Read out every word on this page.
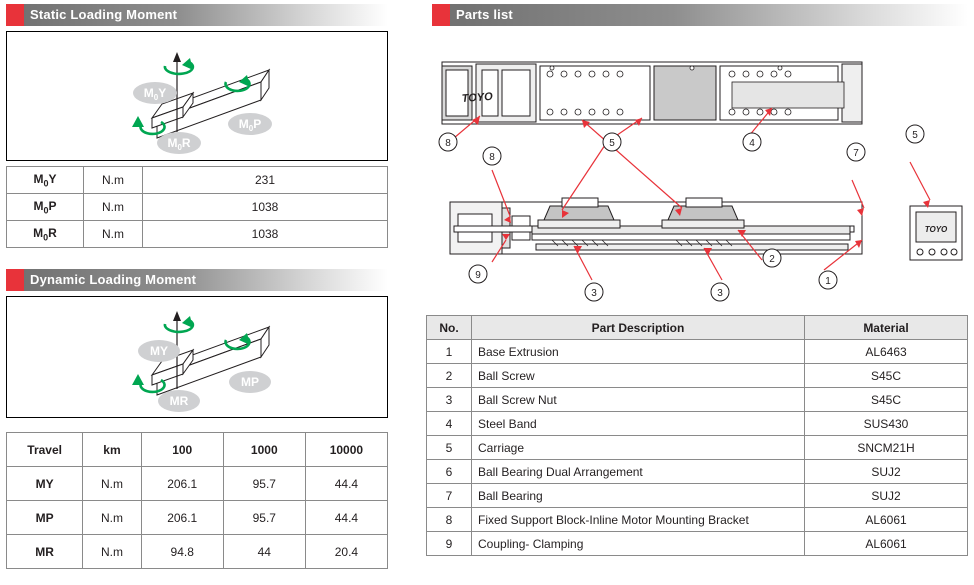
Static Loading Moment
$M_0Y$
$M_0P$
$M_0R$
$M_0Y$	N.m	231
$M_0P$	N.m	1038
$M_0R$	N.m	1038
Dynamic Loading Moment
MY
MP
MR
Travel	km	100	1000	10000
MY	N.m	206.1	95.7	44.4
MP	N.m	206.1	95.7	44.4
MR	N.m	94.8	44	20.4
Parts list
TOYO
TOYO
8
8
5	4
7
5
9
3	3
2
1
No.	Part Description	Material
1	Base Extrusion	AL6463
2	Ball Screw	S45C
3	Ball Screw Nut	S45C
4	Steel Band	SUS430
5	Carriage	SNCM21H
6	Ball Bearing Dual Arrangement	SUJ2
7	Ball Bearing	SUJ2
8	Fixed Support Block-Inline Motor Mounting Bracket	AL6061
9	Coupling- Clamping	AL6061
